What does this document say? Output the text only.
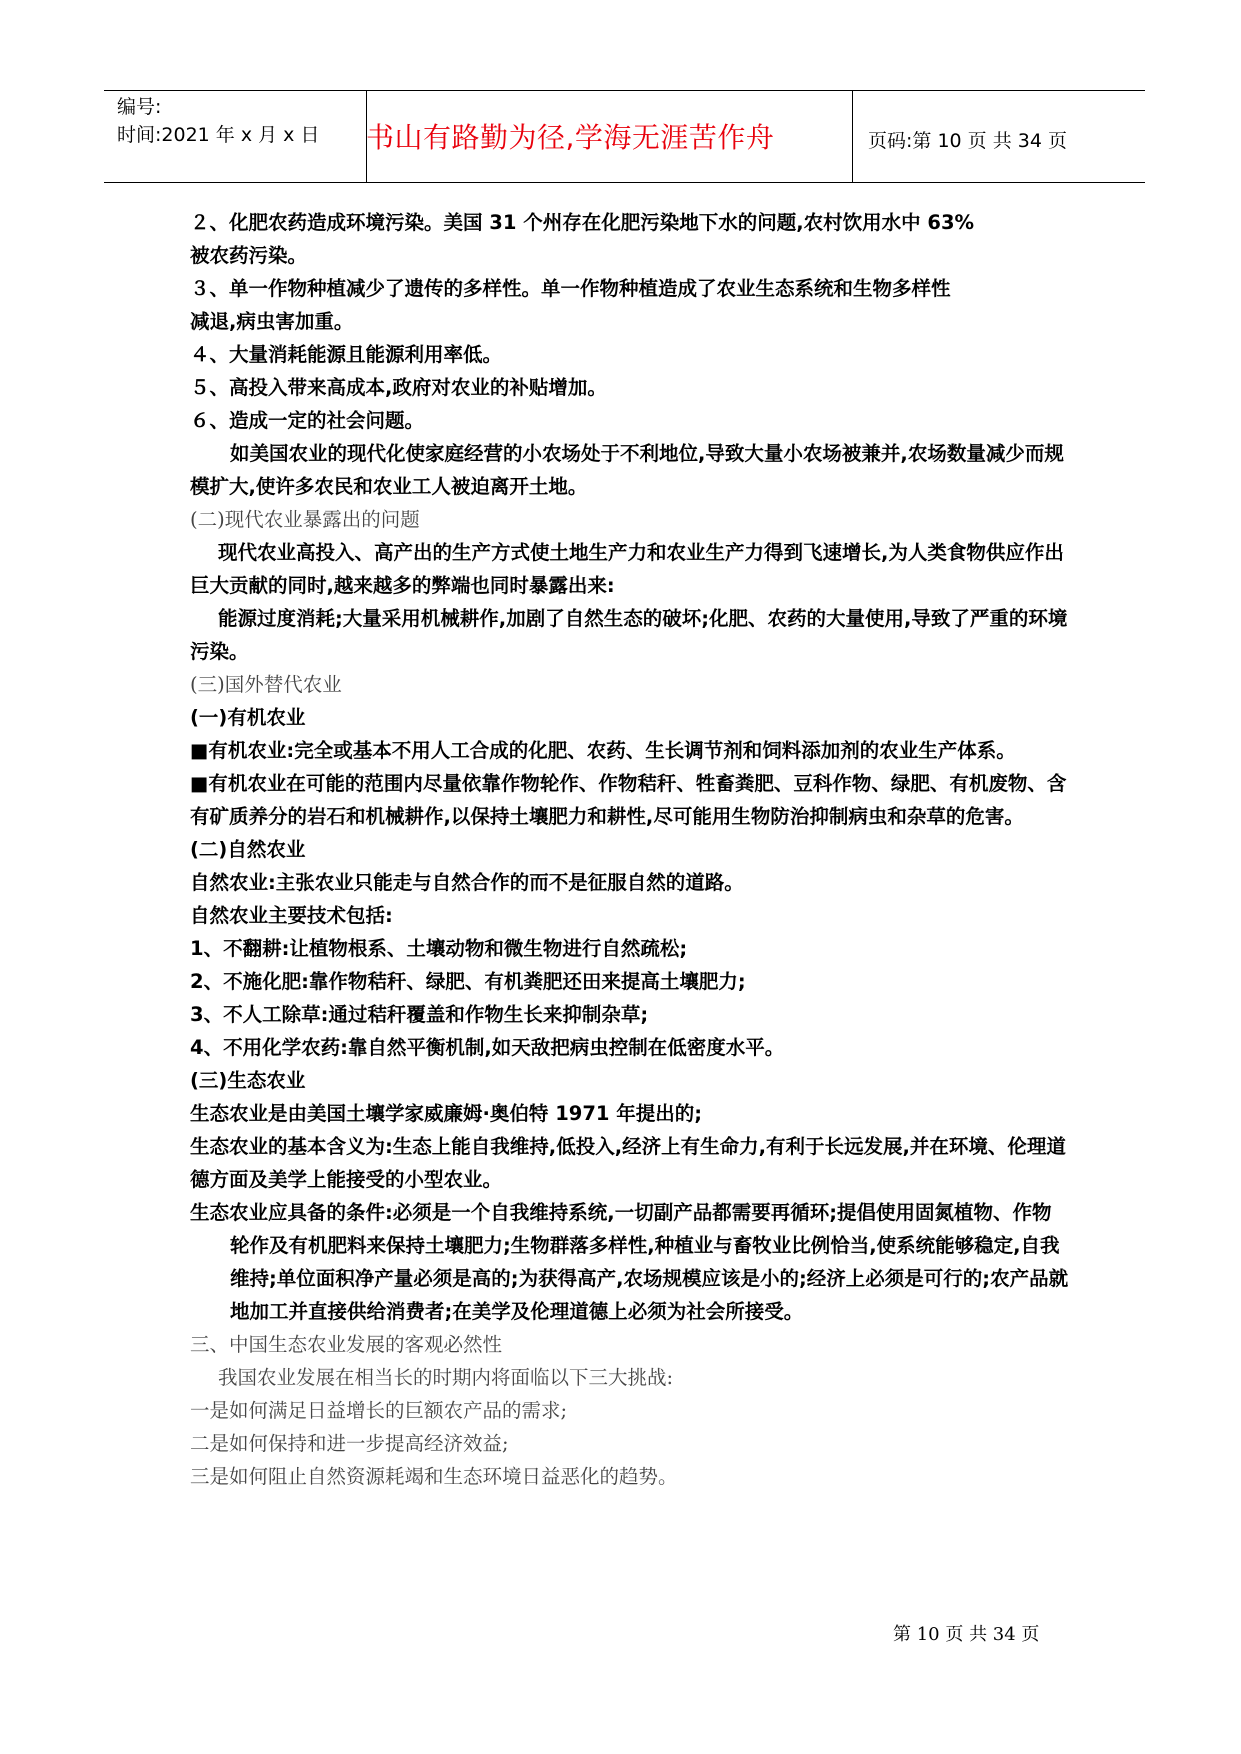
编号:
时间:2021 年 x 月 x 日 书山有路勤为径,学海无涯苦作舟	页码:第 10 页 共 34 页

２、化肥农药造成环境污染。美国 31 个州存在化肥污染地下水的问题,农村饮用水中 63%

被农药污染。

３、单一作物种植减少了遗传的多样性。单一作物种植造成了农业生态系统和生物多样性

减退,病虫害加重。

４、大量消耗能源且能源利用率低。

５、高投入带来高成本,政府对农业的补贴增加。

６、造成一定的社会问题。

如美国农业的现代化使家庭经营的小农场处于不利地位,导致大量小农场被兼并,农场数量减少而规模扩大,使许多农民和农业工人被迫离开土地。

(二)现代农业暴露出的问题

现代农业高投入、高产出的生产方式使土地生产力和农业生产力得到飞速增长,为人类食物供应作出巨大贡献的同时,越来越多的弊端也同时暴露出来:

能源过度消耗;大量采用机械耕作,加剧了自然生态的破坏;化肥、农药的大量使用,导致了严重的环境污染。

(三)国外替代农业

(一)有机农业

■有机农业:完全或基本不用人工合成的化肥、农药、生长调节剂和饲料添加剂的农业生产体系。

■有机农业在可能的范围内尽量依靠作物轮作、作物秸秆、牲畜粪肥、豆科作物、绿肥、有机废物、含有矿质养分的岩石和机械耕作,以保持土壤肥力和耕性,尽可能用生物防治抑制病虫和杂草的危害。

(二)自然农业

自然农业:主张农业只能走与自然合作的而不是征服自然的道路。

自然农业主要技术包括:

1、不翻耕:让植物根系、土壤动物和微生物进行自然疏松;

2、不施化肥:靠作物秸秆、绿肥、有机粪肥还田来提高土壤肥力;

3、不人工除草:通过秸秆覆盖和作物生长来抑制杂草;

4、不用化学农药:靠自然平衡机制,如天敌把病虫控制在低密度水平。

(三)生态农业

生态农业是由美国土壤学家威廉姆·奥伯特 1971 年提出的;

生态农业的基本含义为:生态上能自我维持,低投入,经济上有生命力,有利于长远发展,并在环境、伦理道德方面及美学上能接受的小型农业。

生态农业应具备的条件:必须是一个自我维持系统,一切副产品都需要再循环;提倡使用固氮植物、作物轮作及有机肥料来保持土壤肥力;生物群落多样性,种植业与畜牧业比例恰当,使系统能够稳定,自我维持;单位面积净产量必须是高的;为获得高产,农场规模应该是小的;经济上必须是可行的;农产品就地加工并直接供给消费者;在美学及伦理道德上必须为社会所接受。

三、中国生态农业发展的客观必然性

我国农业发展在相当长的时期内将面临以下三大挑战:

一是如何满足日益增长的巨额农产品的需求;

二是如何保持和进一步提高经济效益;

三是如何阻止自然资源耗竭和生态环境日益恶化的趋势。

第 10 页 共 34 页
